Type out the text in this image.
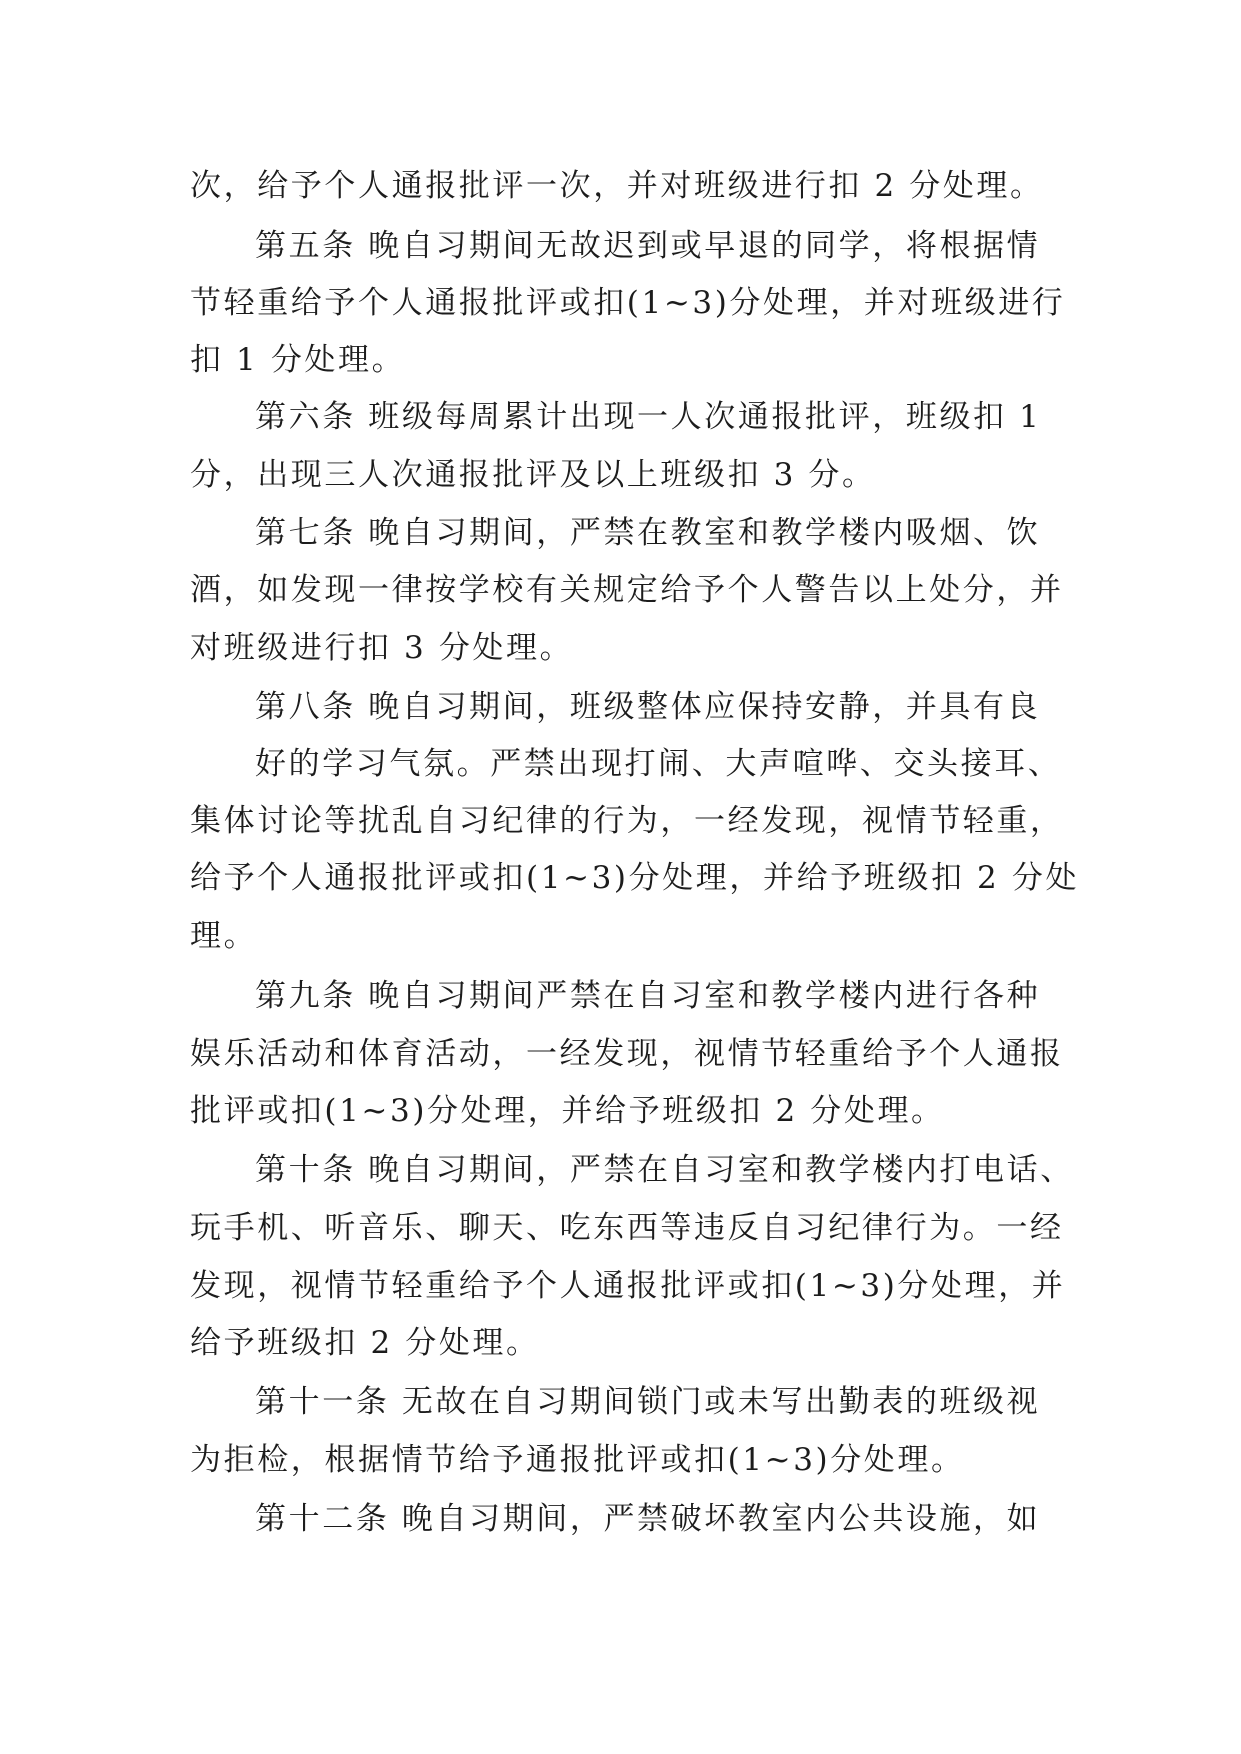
次，给予个人通报批评一次，并对班级进行扣 2 分处理。
第五条 晚自习期间无故迟到或早退的同学，将根据情
节轻重给予个人通报批评或扣(1~3)分处理，并对班级进行
扣 1 分处理。
第六条 班级每周累计出现一人次通报批评，班级扣 1
分，出现三人次通报批评及以上班级扣 3 分。
第七条 晚自习期间，严禁在教室和教学楼内吸烟、饮
酒，如发现一律按学校有关规定给予个人警告以上处分，并
对班级进行扣 3 分处理。
第八条 晚自习期间，班级整体应保持安静，并具有良
好的学习气氛。严禁出现打闹、大声喧哗、交头接耳、
集体讨论等扰乱自习纪律的行为，一经发现，视情节轻重，
给予个人通报批评或扣(1~3)分处理，并给予班级扣 2 分处
理。
第九条 晚自习期间严禁在自习室和教学楼内进行各种
娱乐活动和体育活动，一经发现，视情节轻重给予个人通报
批评或扣(1~3)分处理，并给予班级扣 2 分处理。
第十条 晚自习期间，严禁在自习室和教学楼内打电话、
玩手机、听音乐、聊天、吃东西等违反自习纪律行为。一经
发现，视情节轻重给予个人通报批评或扣(1~3)分处理，并
给予班级扣 2 分处理。
第十一条 无故在自习期间锁门或未写出勤表的班级视
为拒检，根据情节给予通报批评或扣(1~3)分处理。
第十二条 晚自习期间，严禁破坏教室内公共设施，如
